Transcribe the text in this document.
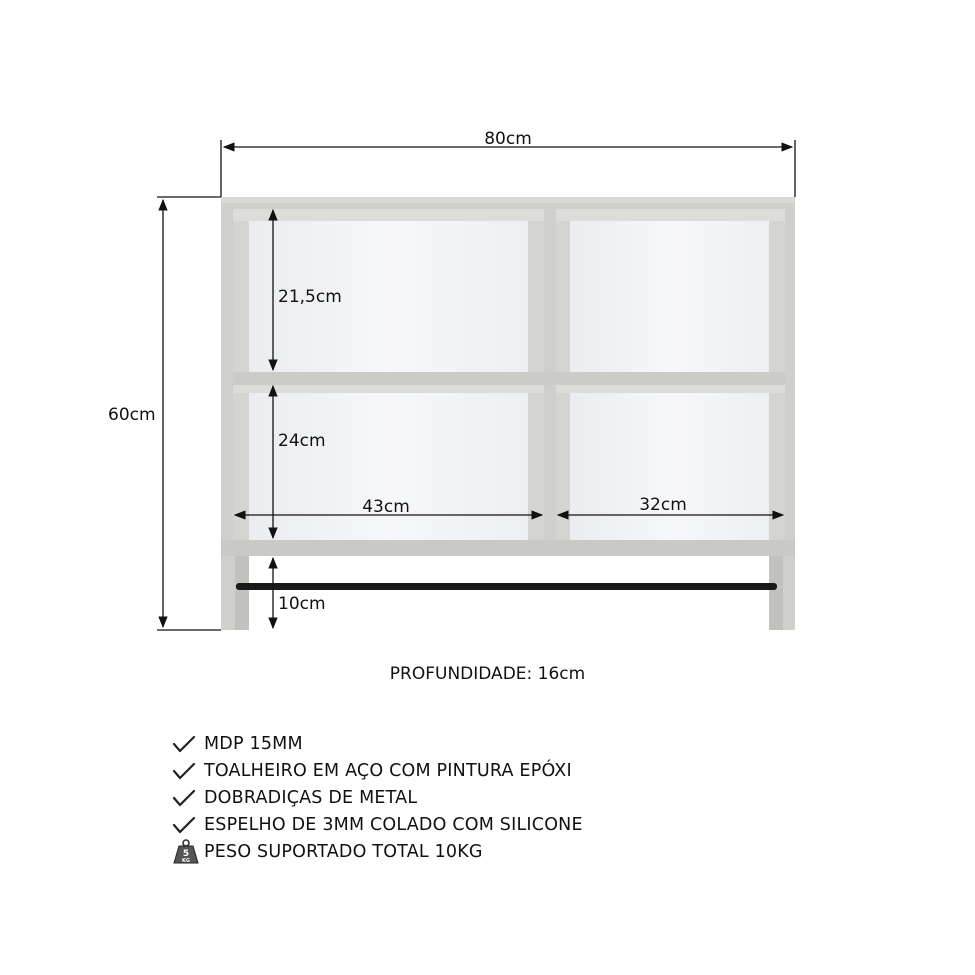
80cm
60cm
21,5cm
24cm
43cm	32cm
10cm
PROFUNDIDADE: 16cm
MDP 15MM
TOALHEIRO EM AÇO COM PINTURA EPÓXI
DOBRADIÇAS DE METAL
ESPELHO DE 3MM COLADO COM SILICONE
5
KG PESO SUPORTADO TOTAL 10KG
